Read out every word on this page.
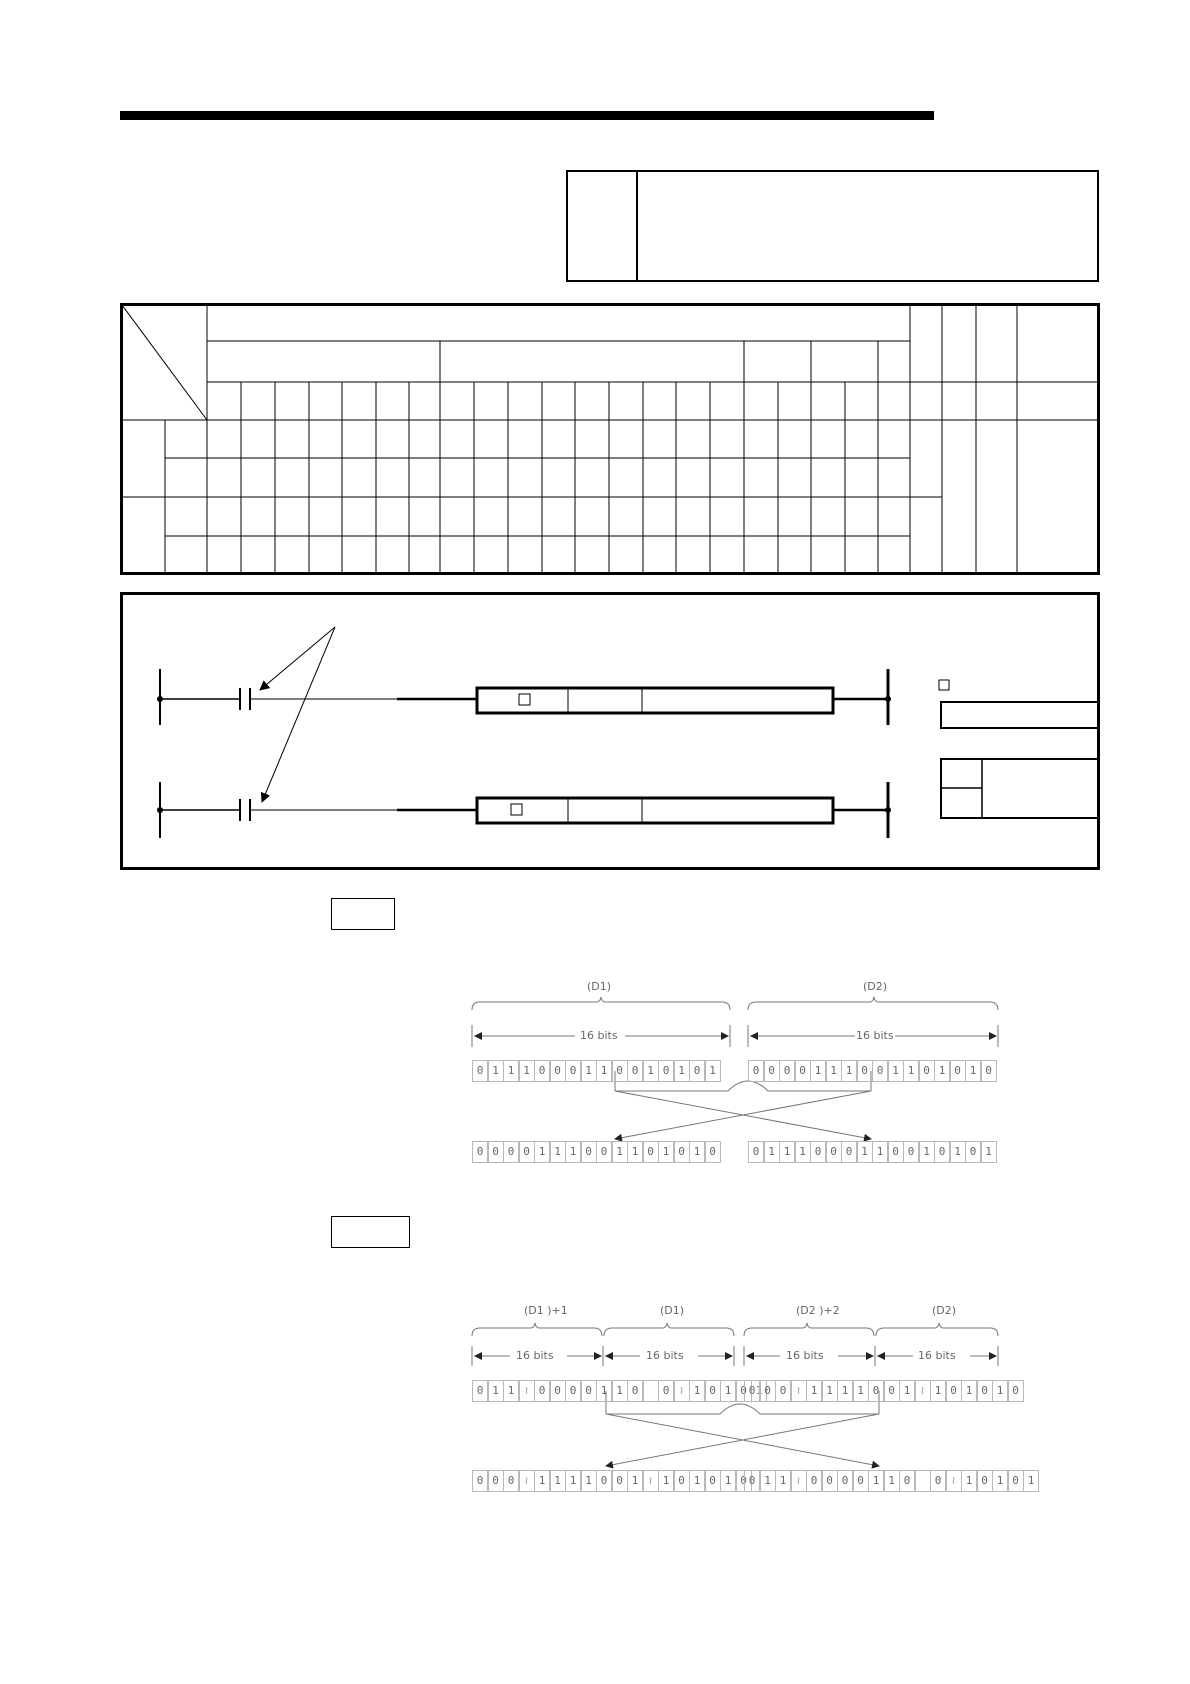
(D1)	(D2)
16 bits	16 bits
0 1 1 1 0 0 0 1 1 0 0 1 0 1 0 1	0 0 0 0 1 1 1 0 0 1 1 0 1 0 1 0
0 0 0 0 1 1 1 0 0 1 1 0 1 0 1 0	0 1 1 1 0 0 0 1 1 0 0 1 0 1 0 1
(D1 )+1	(D1)	(D2 )+2	(D2)
16 bits	16 bits	16 bits	16 bits
0 1 1 ≀ 0 0 0 0 1 1 0	0 ≀ 1 0 1 0 1
0 0 0 ≀ 1 1 1 1 0 0 1 ≀ 1 0 1 0 1 0
0 0 0 ≀ 1 1 1 1 0 0 1 ≀ 1 0 1 0 1 0 0 1 1 ≀ 0 0 0 0 1 1 0	0 ≀ 1 0 1 0 1
